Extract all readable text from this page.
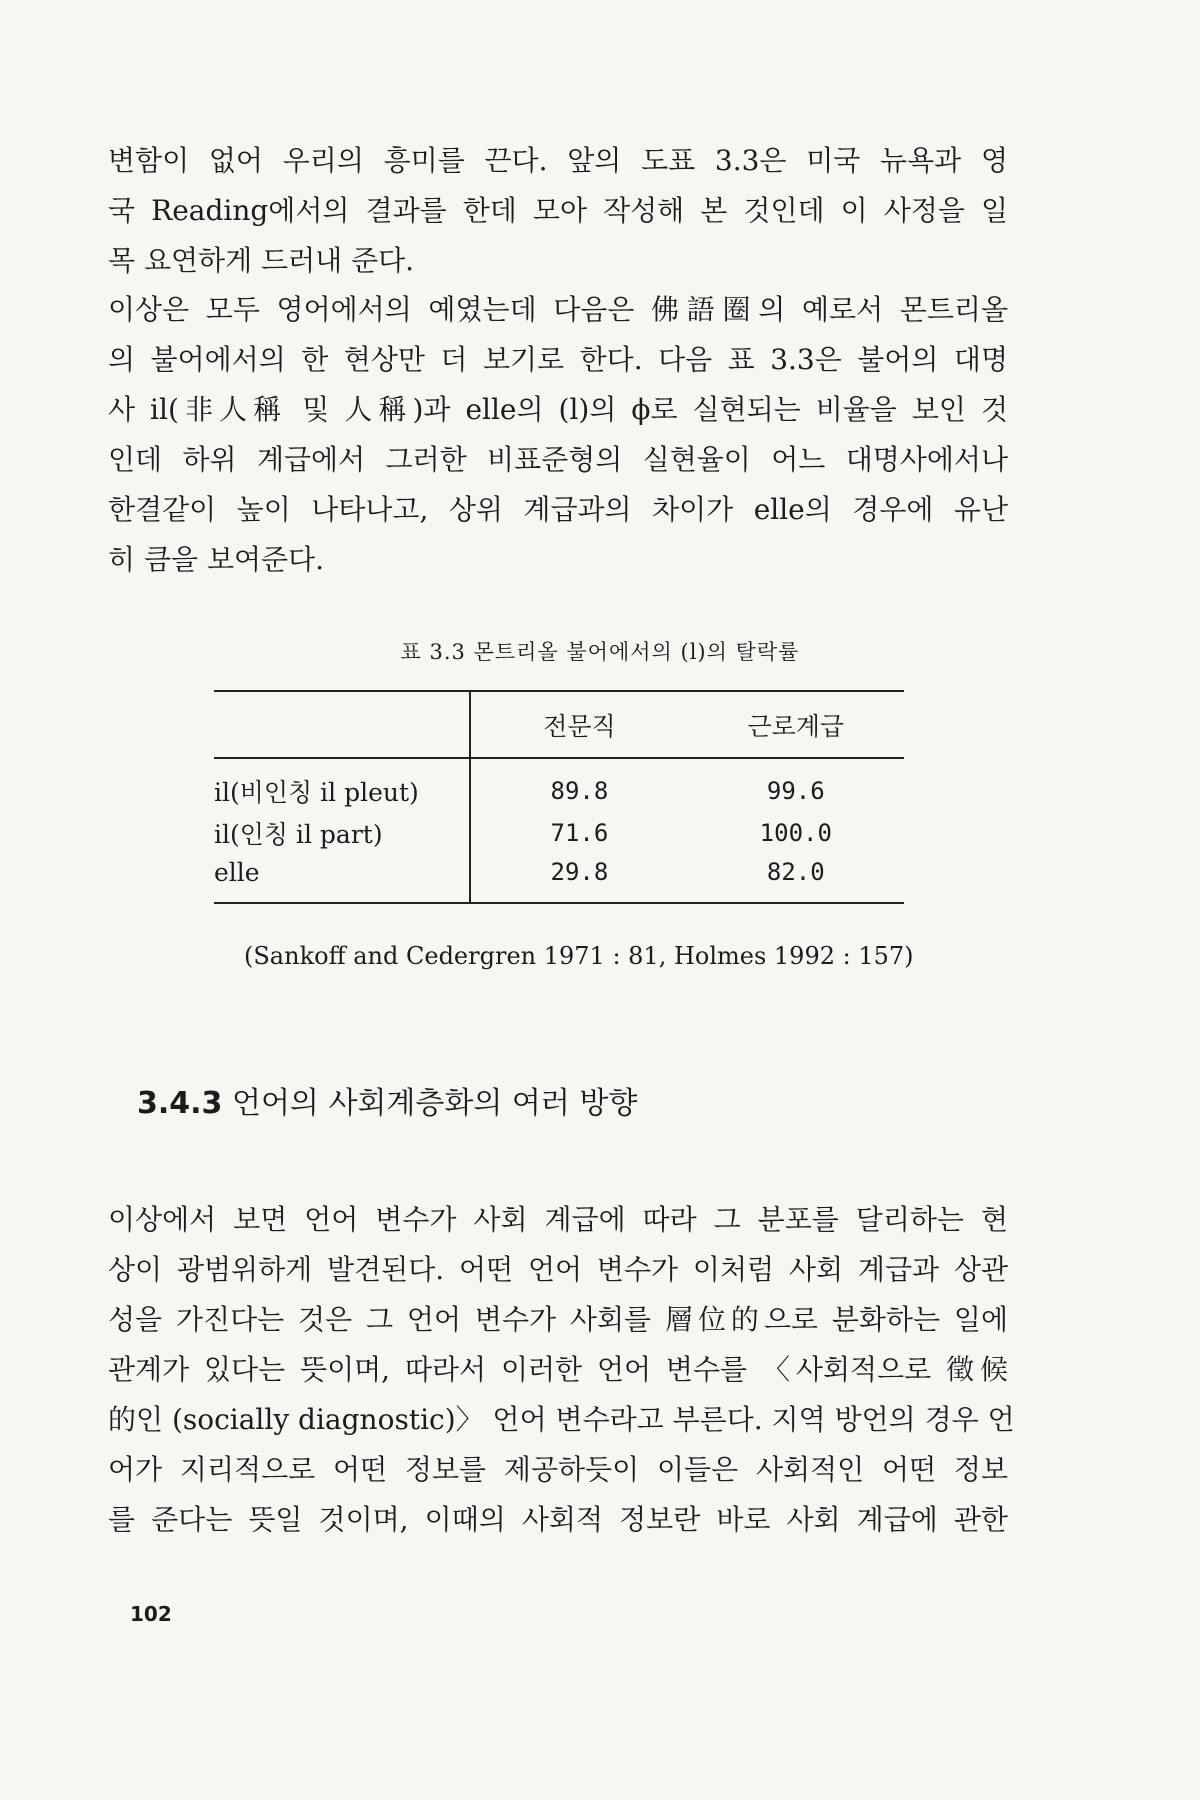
변함이 없어 우리의 흥미를 끈다. 앞의 도표 3.3은 미국 뉴욕과 영
국 Reading에서의 결과를 한데 모아 작성해 본 것인데 이 사정을 일
목 요연하게 드러내 준다.
이상은 모두 영어에서의 예였는데 다음은 佛語圈의 예로서 몬트리올
의 불어에서의 한 현상만 더 보기로 한다. 다음 표 3.3은 불어의 대명
사 il(非人稱 및 人稱)과 elle의 (l)의 ϕ로 실현되는 비율을 보인 것
인데 하위 계급에서 그러한 비표준형의 실현율이 어느 대명사에서나
한결같이 높이 나타나고, 상위 계급과의 차이가 elle의 경우에 유난
히 큼을 보여준다.
표 3.3 몬트리올 불어에서의 (l)의 탈락률
	전문직	근로계급
il(비인칭 il pleut)	89.8	99.6
il(인칭 il part)	71.6	100.0
elle	29.8	82.0
(Sankoff and Cedergren 1971 : 81, Holmes 1992 : 157)
3.4.3 언어의 사회계층화의 여러 방향
이상에서 보면 언어 변수가 사회 계급에 따라 그 분포를 달리하는 현
상이 광범위하게 발견된다. 어떤 언어 변수가 이처럼 사회 계급과 상관
성을 가진다는 것은 그 언어 변수가 사회를 層位的으로 분화하는 일에
관계가 있다는 뜻이며, 따라서 이러한 언어 변수를 〈사회적으로 徵候
的인 (socially diagnostic)〉 언어 변수라고 부른다. 지역 방언의 경우 언
어가 지리적으로 어떤 정보를 제공하듯이 이들은 사회적인 어떤 정보
를 준다는 뜻일 것이며, 이때의 사회적 정보란 바로 사회 계급에 관한
102
